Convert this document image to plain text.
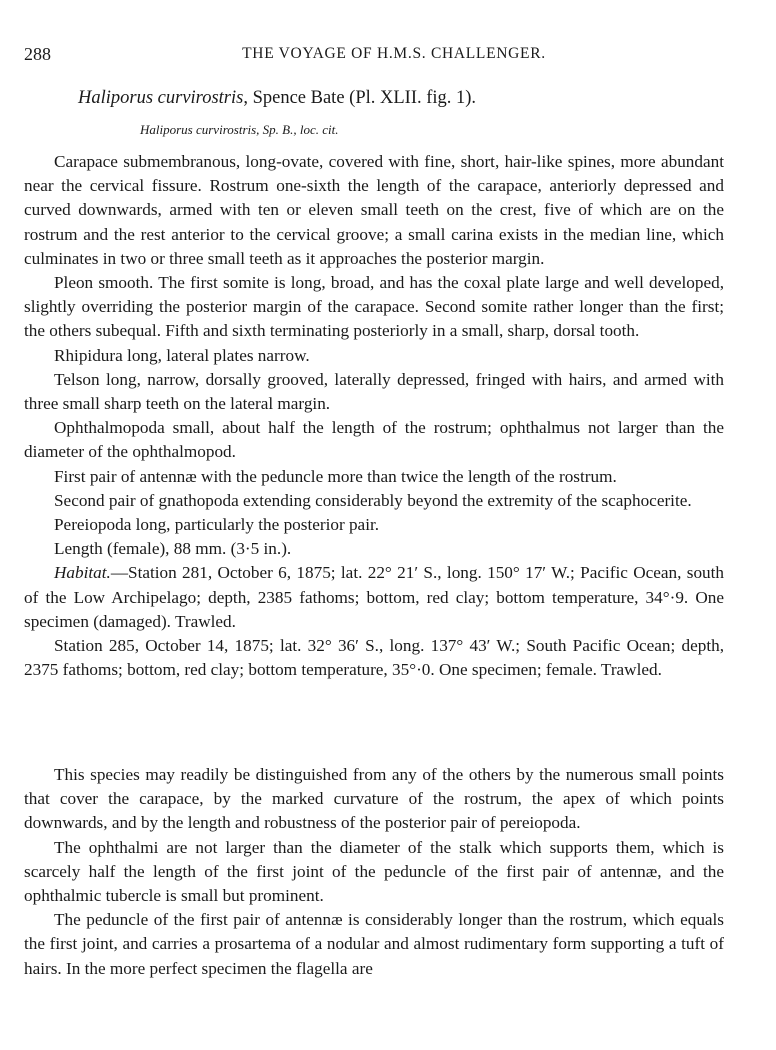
288	THE VOYAGE OF H.M.S. CHALLENGER.
Haliporus curvirostris, Spence Bate (Pl. XLII. fig. 1).
Haliporus curvirostris, Sp. B., loc. cit.

Carapace submembranous, long-ovate, covered with fine, short, hair-like spines, more abundant near the cervical fissure. Rostrum one-sixth the length of the carapace, anteriorly depressed and curved downwards, armed with ten or eleven small teeth on the crest, five of which are on the rostrum and the rest anterior to the cervical groove; a small carina exists in the median line, which culminates in two or three small teeth as it approaches the posterior margin.

Pleon smooth. The first somite is long, broad, and has the coxal plate large and well developed, slightly overriding the posterior margin of the carapace. Second somite rather longer than the first; the others subequal. Fifth and sixth terminating posteriorly in a small, sharp, dorsal tooth.

Rhipidura long, lateral plates narrow.

Telson long, narrow, dorsally grooved, laterally depressed, fringed with hairs, and armed with three small sharp teeth on the lateral margin.

Ophthalmopoda small, about half the length of the rostrum; ophthalmus not larger than the diameter of the ophthalmopod.

First pair of antennæ with the peduncle more than twice the length of the rostrum.

Second pair of gnathopoda extending considerably beyond the extremity of the scaphocerite.

Pereiopoda long, particularly the posterior pair.

Length (female), 88 mm. (3·5 in.).

Habitat.—Station 281, October 6, 1875; lat. 22° 21′ S., long. 150° 17′ W.; Pacific Ocean, south of the Low Archipelago; depth, 2385 fathoms; bottom, red clay; bottom temperature, 34°·9. One specimen (damaged). Trawled.

Station 285, October 14, 1875; lat. 32° 36′ S., long. 137° 43′ W.; South Pacific Ocean; depth, 2375 fathoms; bottom, red clay; bottom temperature, 35°·0. One specimen; female. Trawled.

This species may readily be distinguished from any of the others by the numerous small points that cover the carapace, by the marked curvature of the rostrum, the apex of which points downwards, and by the length and robustness of the posterior pair of pereiopoda.

The ophthalmi are not larger than the diameter of the stalk which supports them, which is scarcely half the length of the first joint of the peduncle of the first pair of antennæ, and the ophthalmic tubercle is small but prominent.

The peduncle of the first pair of antennæ is considerably longer than the rostrum, which equals the first joint, and carries a prosartema of a nodular and almost rudimentary form supporting a tuft of hairs. In the more perfect specimen the flagella are
